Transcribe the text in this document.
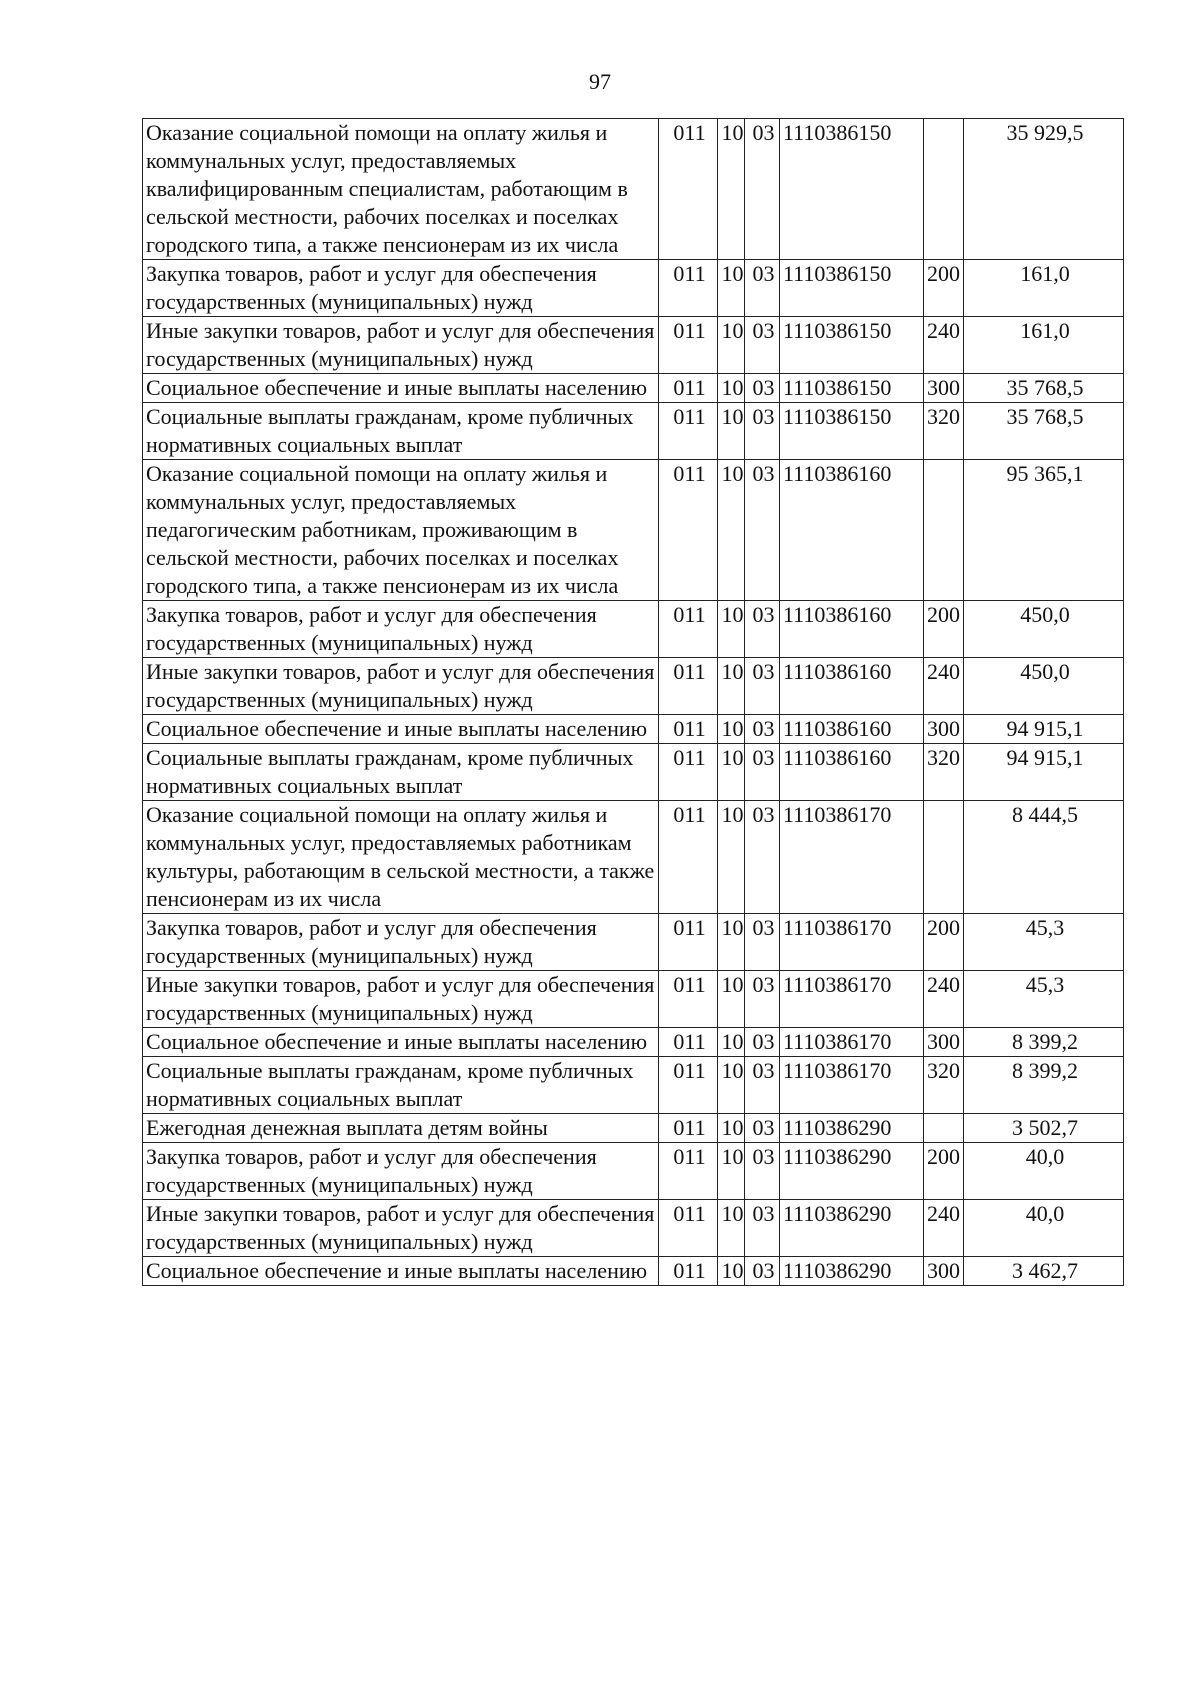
97
Оказание социальной помощи на оплату жилья и коммунальных услуг, предоставляемых квалифицированным специалистам, работающим в сельской местности, рабочих поселках и поселках городского типа, а также пенсионерам из их числа	011	10	03	1110386150		35 929,5
Закупка товаров, работ и услуг для обеспечения государственных (муниципальных) нужд	011	10	03	1110386150	200	161,0
Иные закупки товаров, работ и услуг для обеспечения государственных (муниципальных) нужд	011	10	03	1110386150	240	161,0
Социальное обеспечение и иные выплаты населению	011	10	03	1110386150	300	35 768,5
Социальные выплаты гражданам, кроме публичных нормативных социальных выплат	011	10	03	1110386150	320	35 768,5
Оказание социальной помощи на оплату жилья и коммунальных услуг, предоставляемых педагогическим работникам, проживающим в сельской местности, рабочих поселках и поселках городского типа, а также пенсионерам из их числа	011	10	03	1110386160		95 365,1
Закупка товаров, работ и услуг для обеспечения государственных (муниципальных) нужд	011	10	03	1110386160	200	450,0
Иные закупки товаров, работ и услуг для обеспечения государственных (муниципальных) нужд	011	10	03	1110386160	240	450,0
Социальное обеспечение и иные выплаты населению	011	10	03	1110386160	300	94 915,1
Социальные выплаты гражданам, кроме публичных нормативных социальных выплат	011	10	03	1110386160	320	94 915,1
Оказание социальной помощи на оплату жилья и коммунальных услуг, предоставляемых работникам культуры, работающим в сельской местности, а также пенсионерам из их числа	011	10	03	1110386170		8 444,5
Закупка товаров, работ и услуг для обеспечения государственных (муниципальных) нужд	011	10	03	1110386170	200	45,3
Иные закупки товаров, работ и услуг для обеспечения государственных (муниципальных) нужд	011	10	03	1110386170	240	45,3
Социальное обеспечение и иные выплаты населению	011	10	03	1110386170	300	8 399,2
Социальные выплаты гражданам, кроме публичных нормативных социальных выплат	011	10	03	1110386170	320	8 399,2
Ежегодная денежная выплата детям войны	011	10	03	1110386290		3 502,7
Закупка товаров, работ и услуг для обеспечения государственных (муниципальных) нужд	011	10	03	1110386290	200	40,0
Иные закупки товаров, работ и услуг для обеспечения государственных (муниципальных) нужд	011	10	03	1110386290	240	40,0
Социальное обеспечение и иные выплаты населению	011	10	03	1110386290	300	3 462,7
